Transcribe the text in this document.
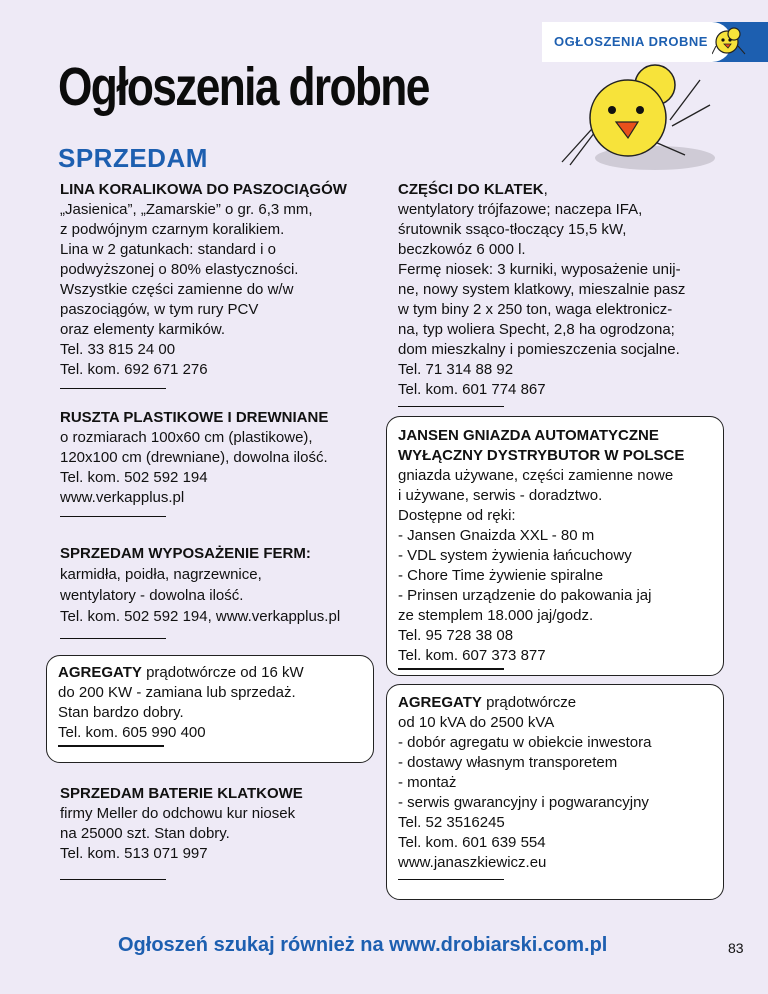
OGŁOSZENIA DROBNE
Ogłoszenia drobne
SPRZEDAM

LINA KORALIKOWA DO PASZOCIĄGÓW

„Jasienica”, „Zamarskie” o gr. 6,3 mm,

z podwójnym czarnym koralikiem.

Lina w 2 gatunkach: standard i o

podwyższonej o 80% elastyczności.

Wszystkie części zamienne do w/w

paszociągów, w tym rury PCV

oraz elementy karmików.

Tel. 33 815 24 00

Tel. kom. 692 671 276

RUSZTA PLASTIKOWE I DREWNIANE

o rozmiarach 100x60 cm (plastikowe),

120x100 cm (drewniane), dowolna ilość.

Tel. kom. 502 592 194

www.verkapplus.pl

SPRZEDAM WYPOSAŻENIE FERM:

karmidła, poidła, nagrzewnice,

wentylatory - dowolna ilość.

Tel. kom. 502 592 194, www.verkapplus.pl

AGREGATY prądotwórcze od 16 kW

do 200 KW - zamiana lub sprzedaż.

Stan bardzo dobry.

Tel. kom. 605 990 400

SPRZEDAM BATERIE KLATKOWE

firmy Meller do odchowu kur niosek

na 25000 szt. Stan dobry.

Tel. kom. 513 071 997

CZĘŚCI DO KLATEK,

wentylatory trójfazowe; naczepa IFA,

śrutownik ssąco-tłoczący 15,5 kW,

beczkowóz 6 000 l.

Fermę niosek: 3 kurniki, wyposażenie unij-

ne, nowy system klatkowy, mieszalnie pasz

w tym biny 2 x 250 ton, waga elektronicz-

na, typ woliera Specht, 2,8 ha ogrodzona;

dom mieszkalny i pomieszczenia socjalne.

Tel. 71 314 88 92

Tel. kom. 601 774 867

JANSEN GNIAZDA AUTOMATYCZNE

WYŁĄCZNY DYSTRYBUTOR W POLSCE

gniazda używane, części zamienne nowe

i używane, serwis - doradztwo.

Dostępne od ręki:

- Jansen Gnaizda XXL - 80 m

- VDL system żywienia łańcuchowy

- Chore Time żywienie spiralne

- Prinsen urządzenie do pakowania jaj

ze stemplem 18.000 jaj/godz.

Tel. 95 728 38 08

Tel. kom. 607 373 877

AGREGATY prądotwórcze

od 10 kVA do 2500 kVA

- dobór agregatu w obiekcie inwestora

- dostawy własnym transporetem

- montaż

- serwis gwarancyjny i pogwarancyjny

Tel. 52 3516245

Tel. kom. 601 639 554

www.janaszkiewicz.eu

Ogłoszeń szukaj również na www.drobiarski.com.pl	83
